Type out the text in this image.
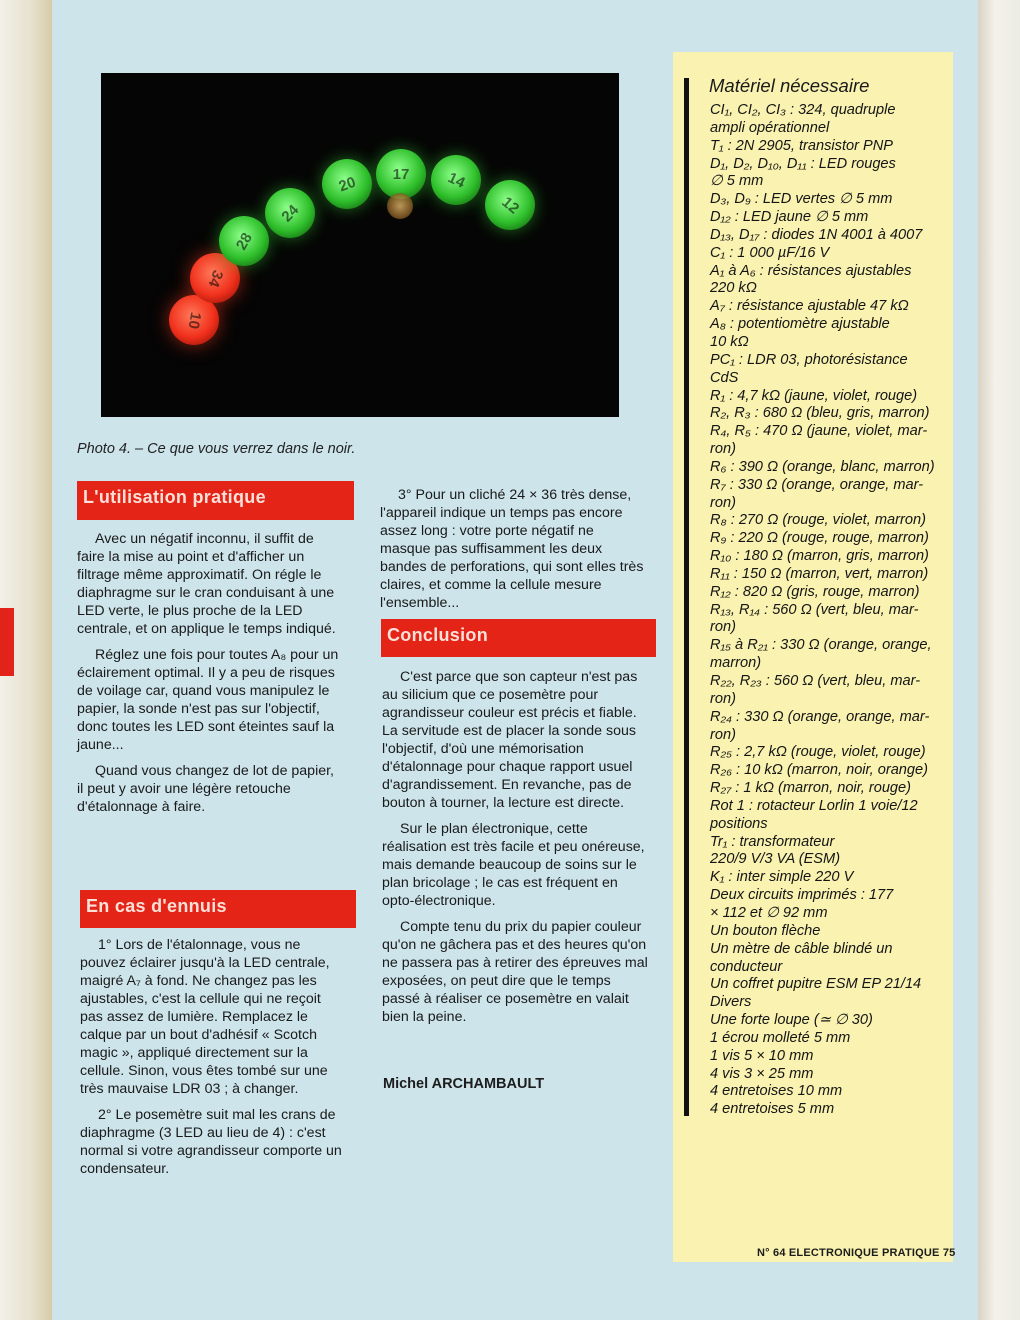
10
34
28
24
20 17 14
12
Photo 4. – Ce que vous verrez dans le noir.
L'utilisation pratique

Avec un négatif inconnu, il suffit de faire la mise au point et d'afficher un filtrage même approximatif. On régle le diaphragme sur le cran conduisant à une LED verte, le plus proche de la LED centrale, et on applique le temps indiqué.

Réglez une fois pour toutes A₈ pour un éclairement optimal. Il y a peu de risques de voilage car, quand vous manipulez le papier, la sonde n'est pas sur l'objectif, donc toutes les LED sont éteintes sauf la jaune...

Quand vous changez de lot de papier, il peut y avoir une légère retouche d'étalonnage à faire.

En cas d'ennuis

1° Lors de l'étalonnage, vous ne pouvez éclairer jusqu'à la LED centrale, maigré A₇ à fond. Ne changez pas les ajustables, c'est la cellule qui ne reçoit pas assez de lumière. Remplacez le calque par un bout d'adhésif « Scotch magic », appliqué directement sur la cellule. Sinon, vous êtes tombé sur une très mauvaise LDR 03 ; à changer.

2° Le posemètre suit mal les crans de diaphragme (3 LED au lieu de 4) : c'est normal si votre agrandisseur comporte un condensateur.

3° Pour un cliché 24 × 36 très dense, l'appareil indique un temps pas encore assez long : votre porte négatif ne masque pas suffisamment les deux bandes de perforations, qui sont elles très claires, et comme la cellule mesure l'ensemble...

Conclusion

C'est parce que son capteur n'est pas au silicium que ce posemètre pour agrandisseur couleur est précis et fiable. La servitude est de placer la sonde sous l'objectif, d'où une mémorisation d'étalonnage pour chaque rapport usuel d'agrandissement. En revanche, pas de bouton à tourner, la lecture est directe.

Sur le plan électronique, cette réalisation est très facile et peu onéreuse, mais demande beaucoup de soins sur le plan bricolage ; le cas est fréquent en opto-électronique.

Compte tenu du prix du papier couleur qu'on ne gâchera pas et des heures qu'on ne passera pas à retirer des épreuves mal exposées, on peut dire que le temps passé à réaliser ce posemètre en valait bien la peine.

Michel ARCHAMBAULT
Matériel nécessaire
CI₁, CI₂, CI₃ : 324, quadruple
ampli opérationnel
T₁ : 2N 2905, transistor PNP
D₁, D₂, D₁₀, D₁₁ : LED rouges
∅ 5 mm
D₃, D₉ : LED vertes ∅ 5 mm
D₁₂ : LED jaune ∅ 5 mm
D₁₃, D₁₇ : diodes 1N 4001 à 4007
C₁ : 1 000 µF/16 V
A₁ à A₆ : résistances ajustables
220 kΩ
A₇ : résistance ajustable 47 kΩ
A₈ : potentiomètre ajustable
10 kΩ
PC₁ : LDR 03, photorésistance
CdS
R₁ : 4,7 kΩ (jaune, violet, rouge)
R₂, R₃ : 680 Ω (bleu, gris, marron)
R₄, R₅ : 470 Ω (jaune, violet, mar-
ron)
R₆ : 390 Ω (orange, blanc, marron)
R₇ : 330 Ω (orange, orange, mar-
ron)
R₈ : 270 Ω (rouge, violet, marron)
R₉ : 220 Ω (rouge, rouge, marron)
R₁₀ : 180 Ω (marron, gris, marron)
R₁₁ : 150 Ω (marron, vert, marron)
R₁₂ : 820 Ω (gris, rouge, marron)
R₁₃, R₁₄ : 560 Ω (vert, bleu, mar-
ron)
R₁₅ à R₂₁ : 330 Ω (orange, orange,
marron)
R₂₂, R₂₃ : 560 Ω (vert, bleu, mar-
ron)
R₂₄ : 330 Ω (orange, orange, mar-
ron)
R₂₅ : 2,7 kΩ (rouge, violet, rouge)
R₂₆ : 10 kΩ (marron, noir, orange)
R₂₇ : 1 kΩ (marron, noir, rouge)
Rot 1 : rotacteur Lorlin 1 voie/12
positions
Tr₁ : transformateur
220/9 V/3 VA (ESM)
K₁ : inter simple 220 V
Deux circuits imprimés : 177
× 112 et ∅ 92 mm
Un bouton flèche
Un mètre de câble blindé un
conducteur
Un coffret pupitre ESM EP 21/14
Divers
Une forte loupe (≃ ∅ 30)
1 écrou molleté 5 mm
1 vis 5 × 10 mm
4 vis 3 × 25 mm
4 entretoises 10 mm
4 entretoises 5 mm
N° 64 ELECTRONIQUE PRATIQUE 75
